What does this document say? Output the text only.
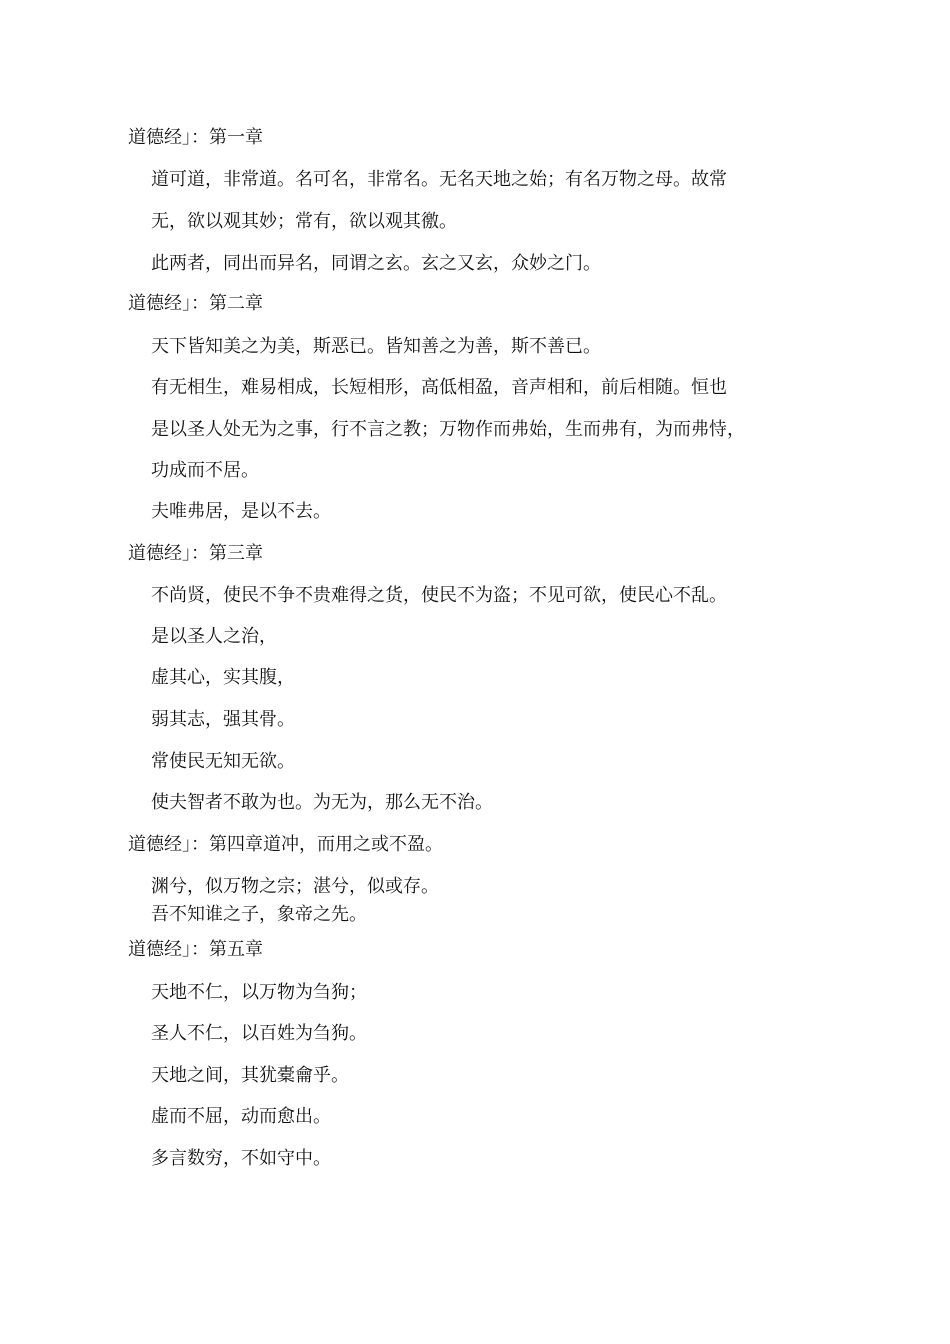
道德经」：第一章
道可道，非常道。名可名，非常名。无名天地之始；有名万物之母。故常
无，欲以观其妙；常有，欲以观其徼。
此两者，同出而异名，同谓之玄。玄之又玄，众妙之门。
道德经」：第二章
天下皆知美之为美，斯恶已。皆知善之为善，斯不善已。
有无相生，难易相成，长短相形，高低相盈，音声相和，前后相随。恒也
是以圣人处无为之事，行不言之教；万物作而弗始，生而弗有，为而弗恃，
功成而不居。
夫唯弗居，是以不去。
道德经」：第三章
不尚贤，使民不争不贵难得之货，使民不为盗；不见可欲，使民心不乱。
是以圣人之治，
虚其心，实其腹，
弱其志，强其骨。
常使民无知无欲。
使夫智者不敢为也。为无为，那么无不治。
道德经」：第四章道冲，而用之或不盈。
渊兮，似万物之宗；湛兮，似或存。
吾不知谁之子，象帝之先。
道德经」：第五章
天地不仁，以万物为刍狗；
圣人不仁，以百姓为刍狗。
天地之间，其犹橐龠乎。
虚而不屈，动而愈出。
多言数穷，不如守中。
